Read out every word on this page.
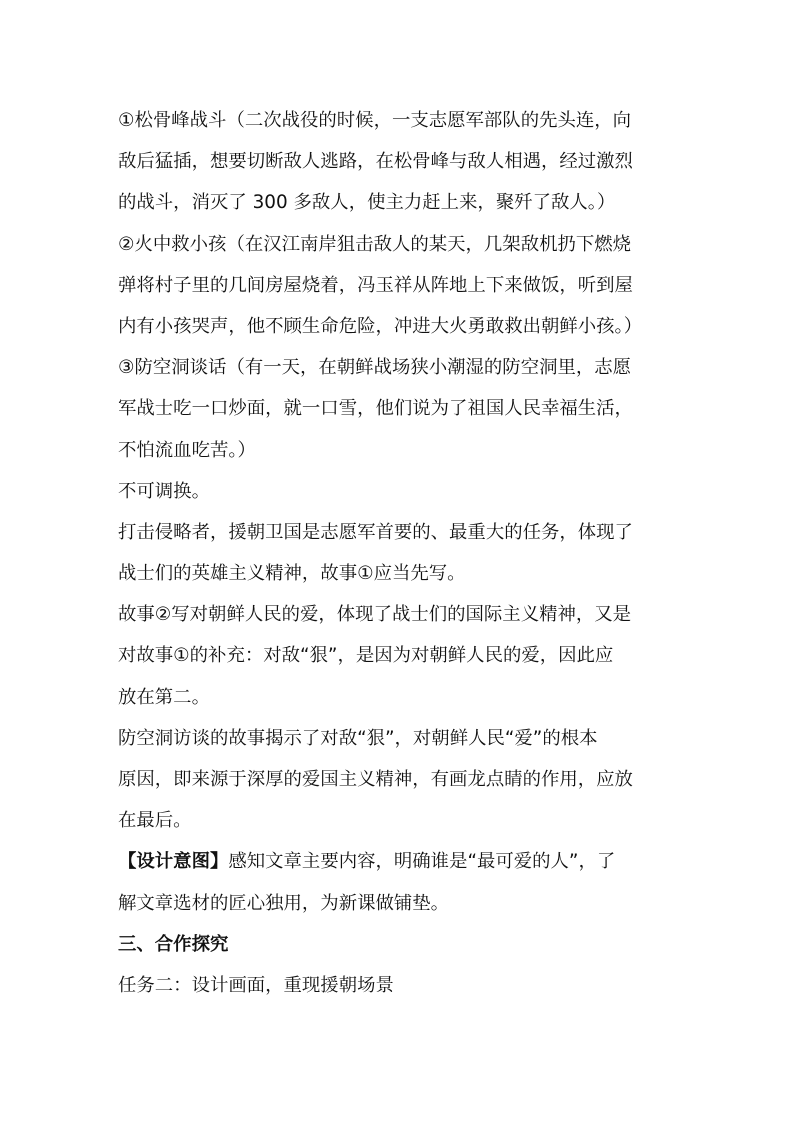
①松骨峰战斗（二次战役的时候，一支志愿军部队的先头连，向
敌后猛插，想要切断敌人逃路，在松骨峰与敌人相遇，经过激烈
的战斗，消灭了 300 多敌人，使主力赶上来，聚歼了敌人。）
②火中救小孩（在汉江南岸狙击敌人的某天，几架敌机扔下燃烧
弹将村子里的几间房屋烧着，冯玉祥从阵地上下来做饭，听到屋
内有小孩哭声，他不顾生命危险，冲进大火勇敢救出朝鲜小孩。）
③防空洞谈话（有一天，在朝鲜战场狭小潮湿的防空洞里，志愿
军战士吃一口炒面，就一口雪，他们说为了祖国人民幸福生活，
不怕流血吃苦。）
不可调换。
打击侵略者，援朝卫国是志愿军首要的、最重大的任务，体现了
战士们的英雄主义精神，故事①应当先写。
故事②写对朝鲜人民的爱，体现了战士们的国际主义精神，又是
对故事①的补充：对敌“狠”，是因为对朝鲜人民的爱，因此应
放在第二。
防空洞访谈的故事揭示了对敌“狠”，对朝鲜人民“爱”的根本
原因，即来源于深厚的爱国主义精神，有画龙点睛的作用，应放
在最后。
【设计意图】感知文章主要内容，明确谁是“最可爱的人”，了
解文章选材的匠心独用，为新课做铺垫。
三、合作探究
任务二：设计画面，重现援朝场景
